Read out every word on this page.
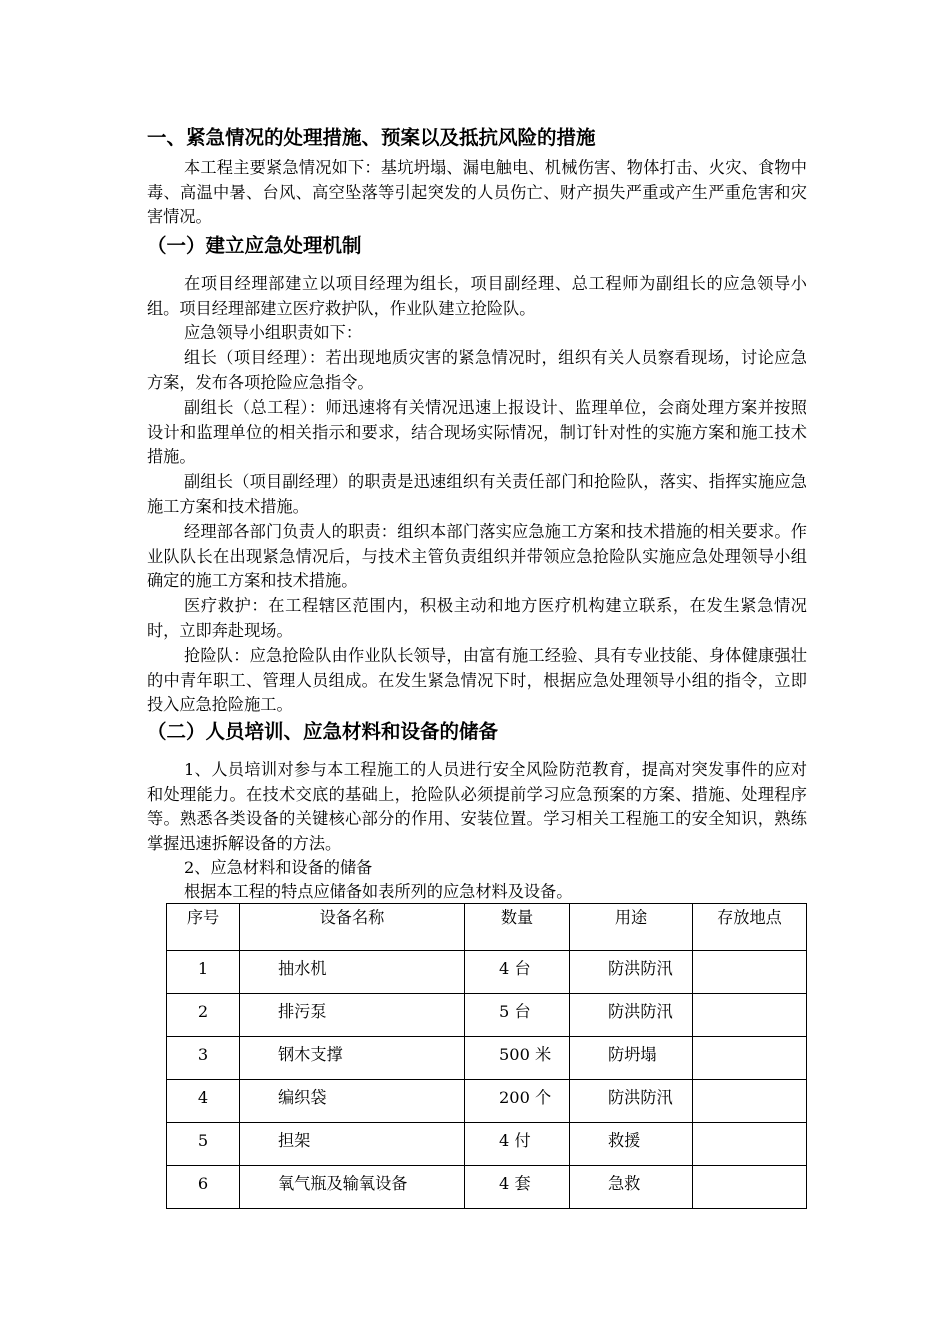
一、紧急情况的处理措施、预案以及抵抗风险的措施

本工程主要紧急情况如下：基坑坍塌、漏电触电、机械伤害、物体打击、火灾、食物中毒、高温中暑、台风、高空坠落等引起突发的人员伤亡、财产损失严重或产生严重危害和灾害情况。

（一）建立应急处理机制

在项目经理部建立以项目经理为组长，项目副经理、总工程师为副组长的应急领导小组。项目经理部建立医疗救护队，作业队建立抢险队。

应急领导小组职责如下：

组长（项目经理）：若出现地质灾害的紧急情况时，组织有关人员察看现场，讨论应急方案，发布各项抢险应急指令。

副组长（总工程）：师迅速将有关情况迅速上报设计、监理单位，会商处理方案并按照设计和监理单位的相关指示和要求，结合现场实际情况，制订针对性的实施方案和施工技术措施。

副组长（项目副经理）的职责是迅速组织有关责任部门和抢险队，落实、指挥实施应急施工方案和技术措施。

经理部各部门负责人的职责：组织本部门落实应急施工方案和技术措施的相关要求。作业队队长在出现紧急情况后，与技术主管负责组织并带领应急抢险队实施应急处理领导小组确定的施工方案和技术措施。

医疗救护：在工程辖区范围内，积极主动和地方医疗机构建立联系，在发生紧急情况时，立即奔赴现场。

抢险队：应急抢险队由作业队长领导，由富有施工经验、具有专业技能、身体健康强壮的中青年职工、管理人员组成。在发生紧急情况下时，根据应急处理领导小组的指令，立即投入应急抢险施工。

（二）人员培训、应急材料和设备的储备

1、人员培训对参与本工程施工的人员进行安全风险防范教育，提高对突发事件的应对和处理能力。在技术交底的基础上，抢险队必须提前学习应急预案的方案、措施、处理程序等。熟悉各类设备的关键核心部分的作用、安装位置。学习相关工程施工的安全知识，熟练掌握迅速拆解设备的方法。

2、应急材料和设备的储备

根据本工程的特点应储备如表所列的应急材料及设备。

序号	设备名称	数量	用途	存放地点
1	抽水机	4 台	防洪防汛	
2	排污泵	5 台	防洪防汛	
3	钢木支撑	500 米	防坍塌	
4	编织袋	200 个	防洪防汛	
5	担架	4 付	救援	
6	氧气瓶及输氧设备	4 套	急救	
